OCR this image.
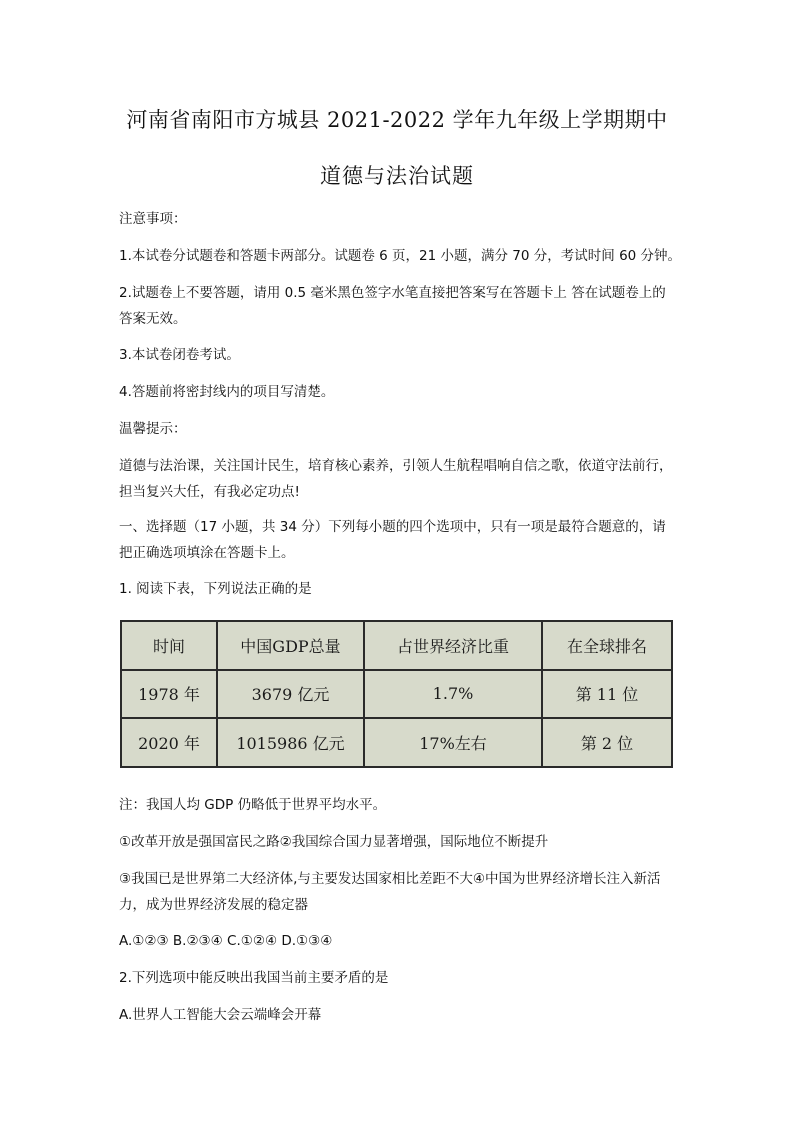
河南省南阳市方城县 2021-2022 学年九年级上学期期中
道德与法治试题
注意事项：
1.本试卷分试题卷和答题卡两部分。试题卷 6 页，21 小题，满分 70 分，考试时间 60 分钟。
2.试题卷上不要答题，请用 0.5 毫米黑色签字水笔直接把答案写在答题卡上 答在试题卷上的答案无效。
3.本试卷闭卷考试。
4.答题前将密封线内的项目写清楚。
温馨提示：
道德与法治课，关注国计民生，培育核心素养，引领人生航程唱响自信之歌，依道守法前行，担当复兴大任，有我必定功点!
一、选择题（17 小题，共 34 分）下列每小题的四个选项中，只有一项是最符合题意的，请把正确选项填涂在答题卡上。
1. 阅读下表，下列说法正确的是
时间	中国GDP总量	占世界经济比重	在全球排名
1978 年	3679 亿元	1.7%	第 11 位
2020 年	1015986 亿元	17%左右	第 2 位
注：我国人均 GDP 仍略低于世界平均水平。
①改革开放是强国富民之路②我国综合国力显著增强，国际地位不断提升
③我国已是世界第二大经济体,与主要发达国家相比差距不大④中国为世界经济增长注入新活力，成为世界经济发展的稳定器
A.①②③ B.②③④ C.①②④ D.①③④
2.下列选项中能反映出我国当前主要矛盾的是
A.世界人工智能大会云端峰会开幕
